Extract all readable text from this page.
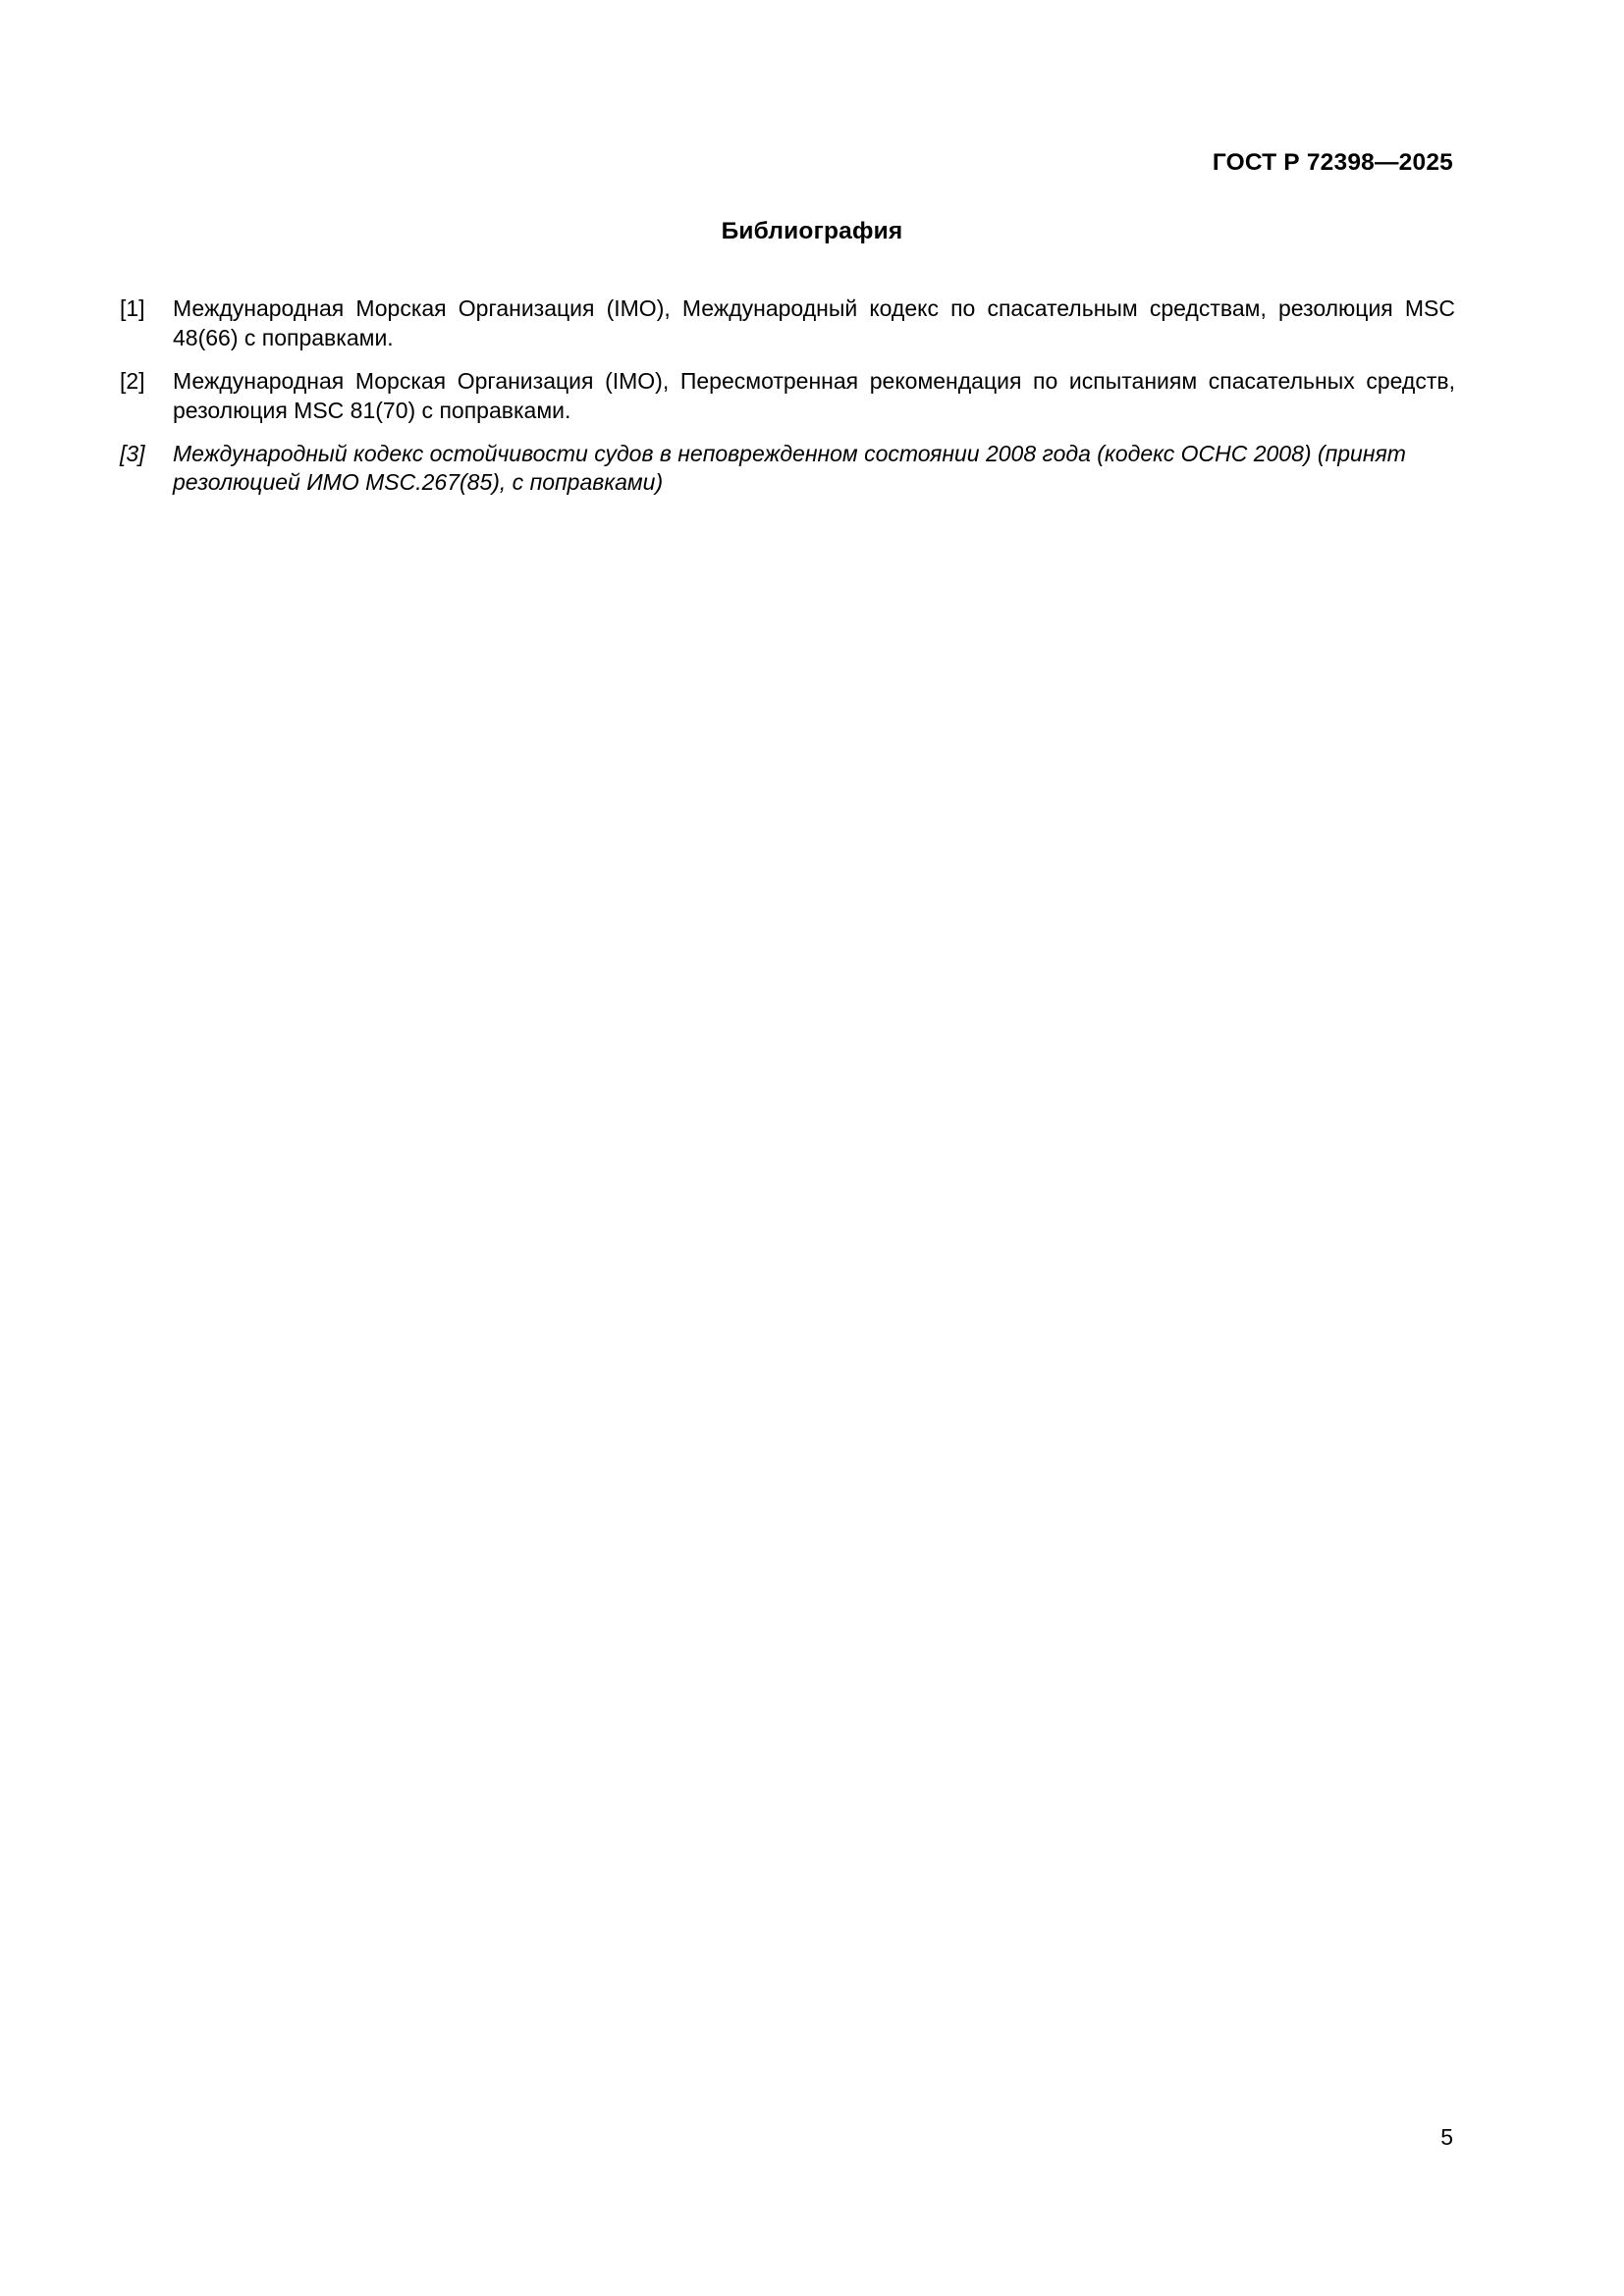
ГОСТ Р 72398—2025
Библиография
[1]	Международная Морская Организация (IMO), Международный кодекс по спасательным средствам, резолюция MSC 48(66) с поправками.
[2]	Международная Морская Организация (IMO), Пересмотренная рекомендация по испытаниям спасательных средств, резолюция MSC 81(70) с поправками.
[3]	Международный кодекс остойчивости судов в неповрежденном состоянии 2008 года (кодекс ОСНС 2008) (принят резолюцией ИМО MSC.267(85), с поправками)
5
